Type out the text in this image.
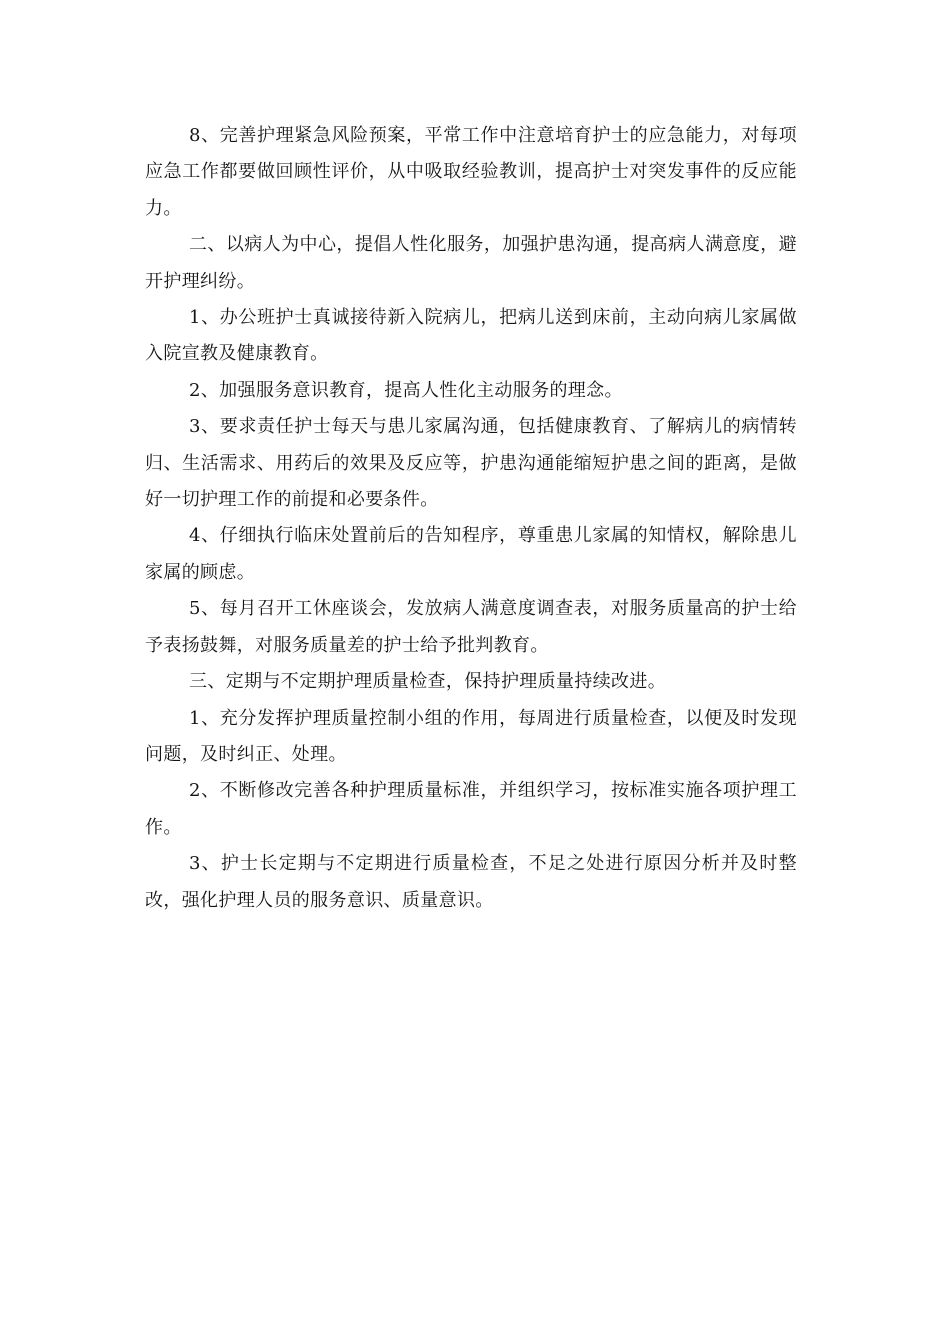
8、完善护理紧急风险预案，平常工作中注意培育护士的应急能力，对每项应急工作都要做回顾性评价，从中吸取经验教训，提高护士对突发事件的反应能力。

二、以病人为中心，提倡人性化服务，加强护患沟通，提高病人满意度，避开护理纠纷。

1、办公班护士真诚接待新入院病儿，把病儿送到床前，主动向病儿家属做入院宣教及健康教育。

2、加强服务意识教育，提高人性化主动服务的理念。

3、要求责任护士每天与患儿家属沟通，包括健康教育、了解病儿的病情转归、生活需求、用药后的效果及反应等，护患沟通能缩短护患之间的距离，是做好一切护理工作的前提和必要条件。

4、仔细执行临床处置前后的告知程序，尊重患儿家属的知情权，解除患儿家属的顾虑。

5、每月召开工休座谈会，发放病人满意度调查表，对服务质量高的护士给予表扬鼓舞，对服务质量差的护士给予批判教育。

三、定期与不定期护理质量检查，保持护理质量持续改进。

1、充分发挥护理质量控制小组的作用，每周进行质量检查，以便及时发现问题，及时纠正、处理。

2、不断修改完善各种护理质量标准，并组织学习，按标准实施各项护理工作。

3、护士长定期与不定期进行质量检查，不足之处进行原因分析并及时整改，强化护理人员的服务意识、质量意识。
